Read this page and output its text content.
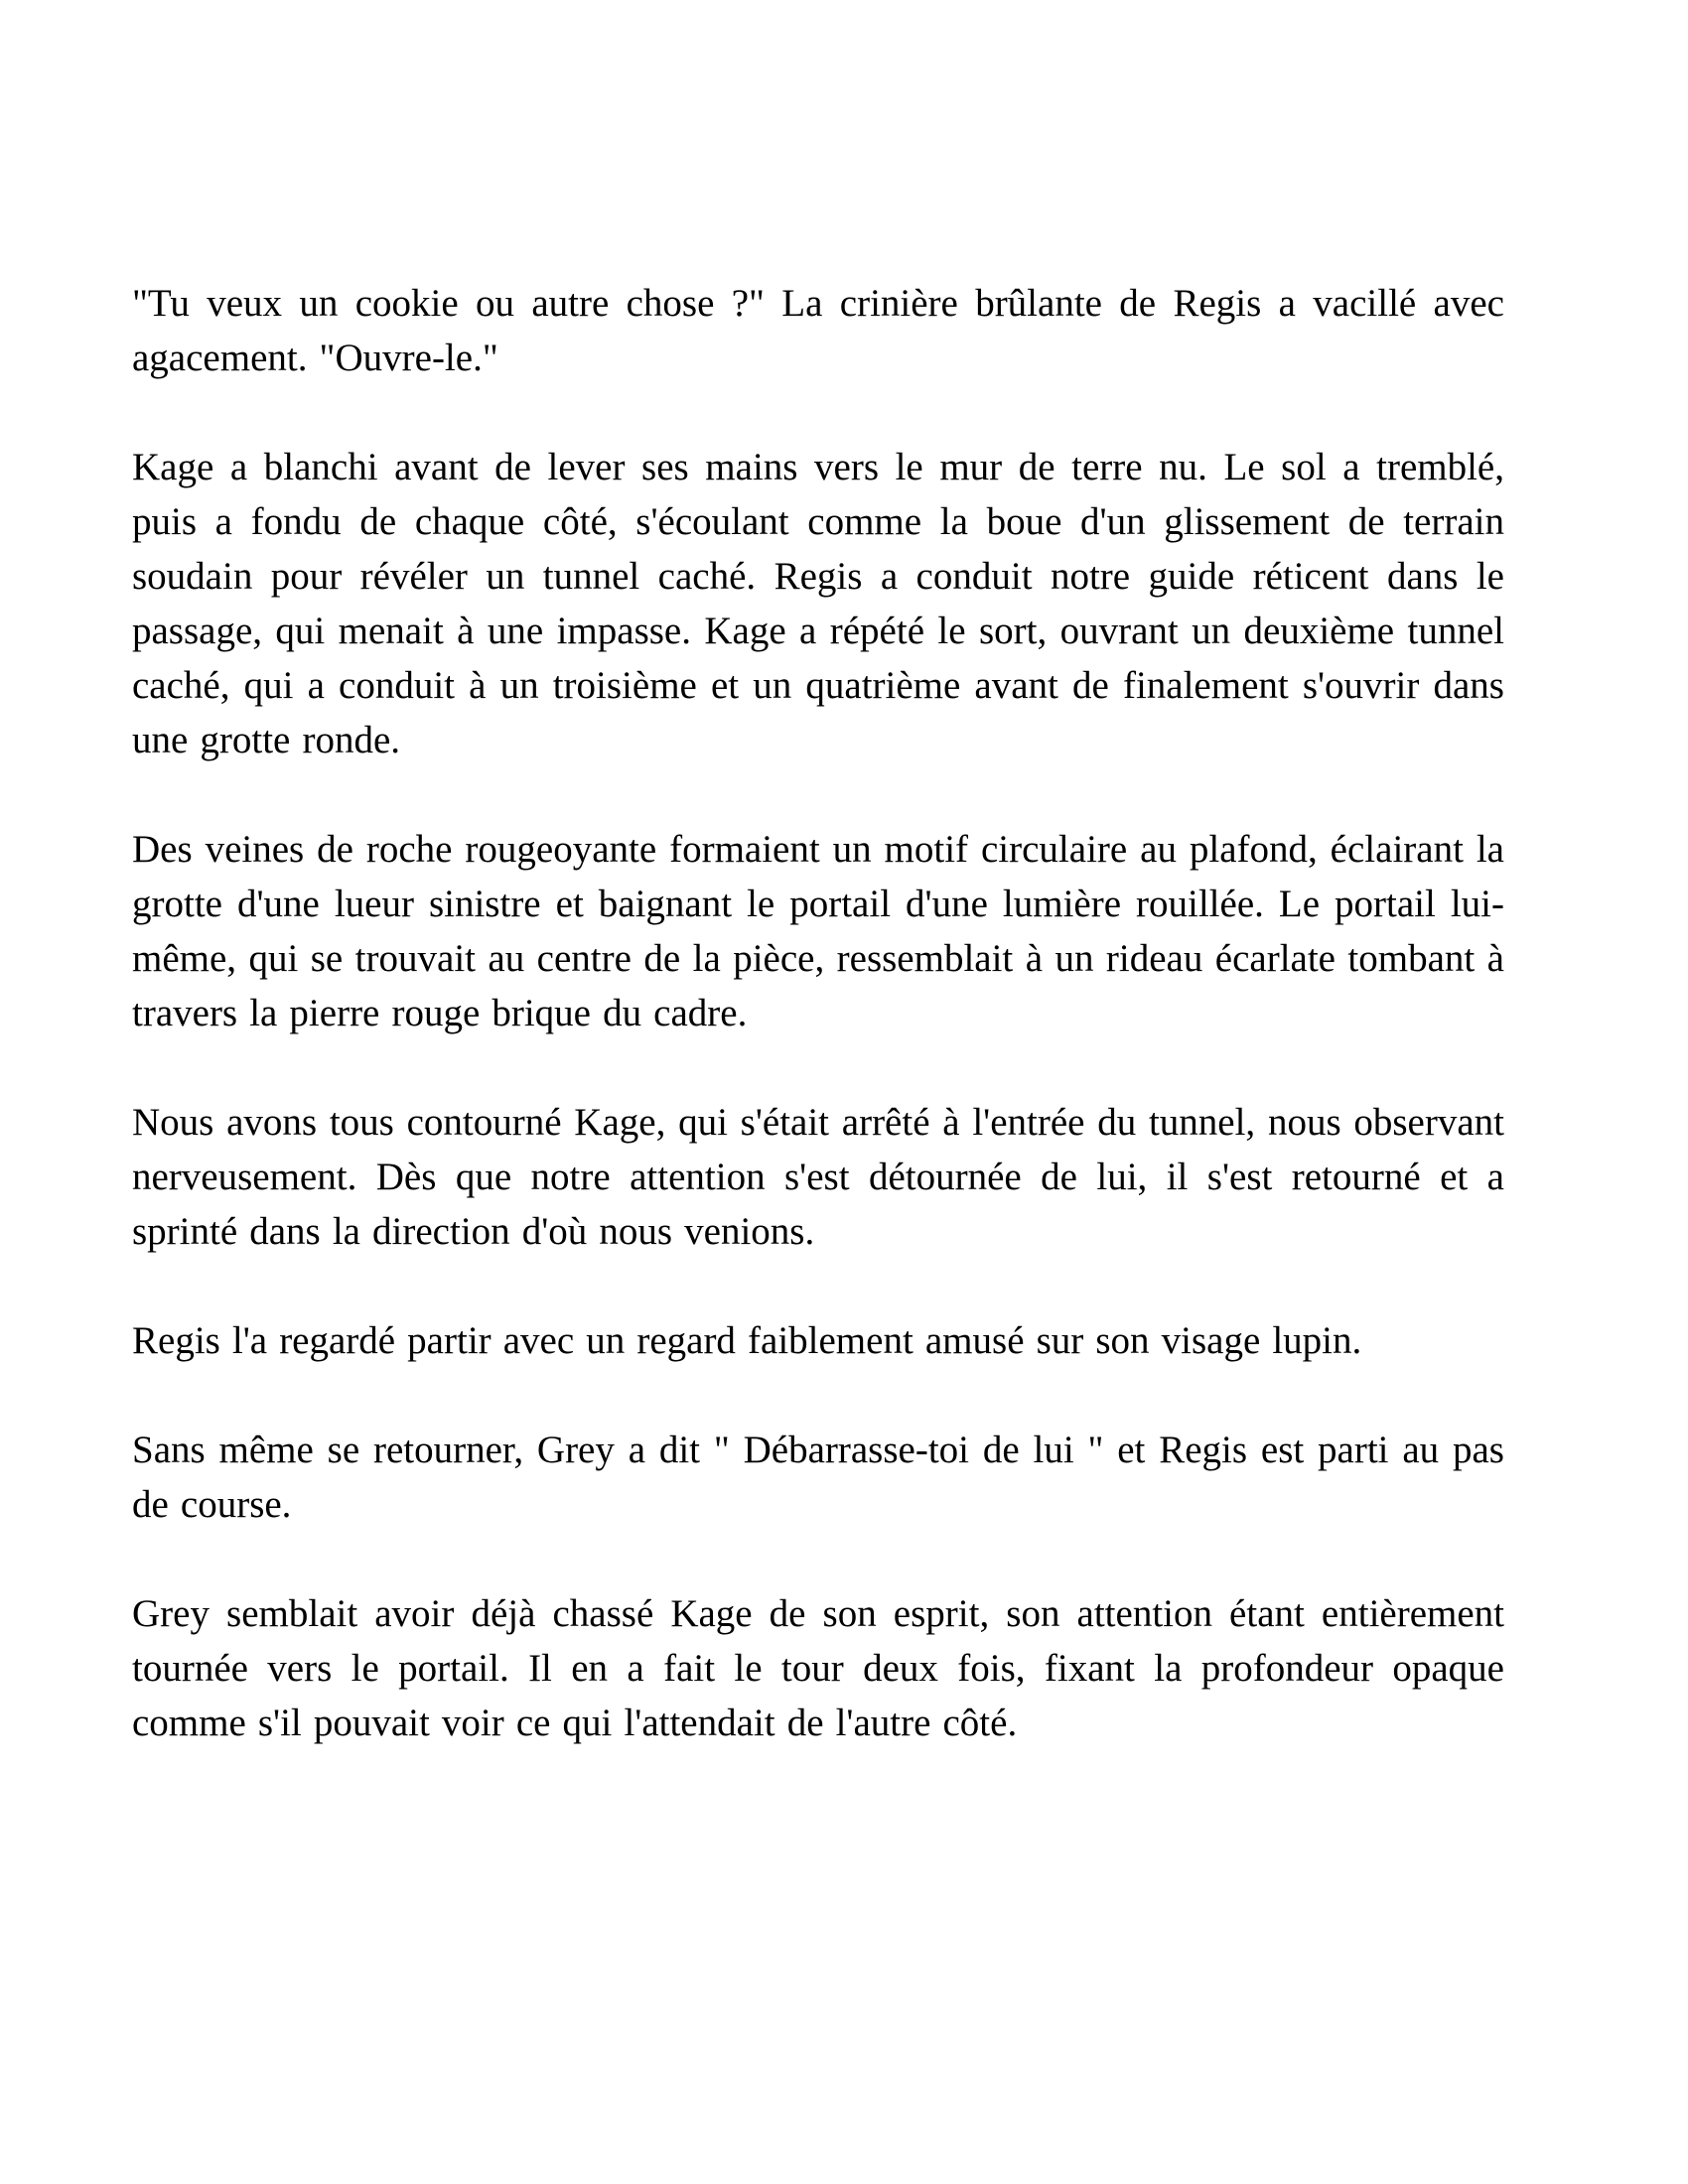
"Tu veux un cookie ou autre chose ?" La crinière brûlante de Regis a vacillé avec agacement. "Ouvre-le."

Kage a blanchi avant de lever ses mains vers le mur de terre nu. Le sol a tremblé, puis a fondu de chaque côté, s'écoulant comme la boue d'un glissement de terrain soudain pour révéler un tunnel caché. Regis a conduit notre guide réticent dans le passage, qui menait à une impasse. Kage a répété le sort, ouvrant un deuxième tunnel caché, qui a conduit à un troisième et un quatrième avant de finalement s'ouvrir dans une grotte ronde.

Des veines de roche rougeoyante formaient un motif circulaire au plafond, éclairant la grotte d'une lueur sinistre et baignant le portail d'une lumière rouillée. Le portail lui-même, qui se trouvait au centre de la pièce, ressemblait à un rideau écarlate tombant à travers la pierre rouge brique du cadre.

Nous avons tous contourné Kage, qui s'était arrêté à l'entrée du tunnel, nous observant nerveusement. Dès que notre attention s'est détournée de lui, il s'est retourné et a sprinté dans la direction d'où nous venions.

Regis l'a regardé partir avec un regard faiblement amusé sur son visage lupin.

Sans même se retourner, Grey a dit " Débarrasse-toi de lui " et Regis est parti au pas de course.

Grey semblait avoir déjà chassé Kage de son esprit, son attention étant entièrement tournée vers le portail. Il en a fait le tour deux fois, fixant la profondeur opaque comme s'il pouvait voir ce qui l'attendait de l'autre côté.
